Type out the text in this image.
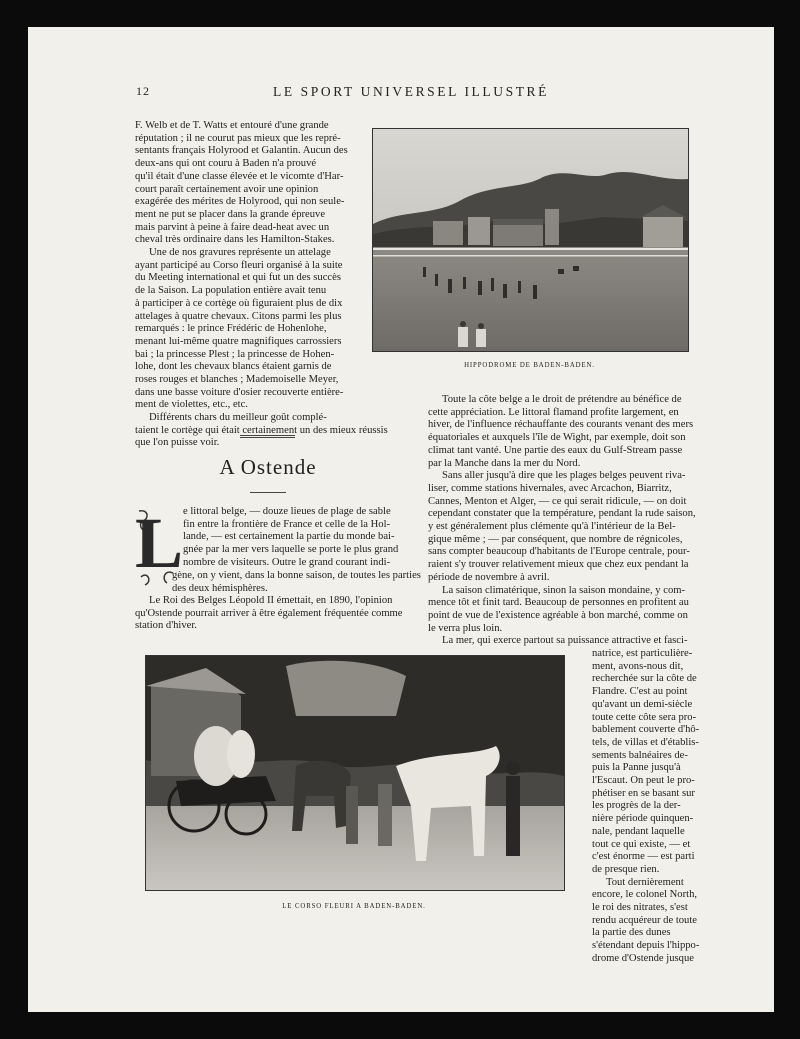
12	LE SPORT UNIVERSEL ILLUSTRÉ

F. Welb et de T. Watts et entouré d'une grande

réputation ; il ne courut pas mieux que les repré-

sentants français Holyrood et Galantin. Aucun des

deux-ans qui ont couru à Baden n'a prouvé

qu'il était d'une classe élevée et le vicomte d'Har-

court paraît certainement avoir une opinion

exagérée des mérites de Holyrood, qui non seule-

ment ne put se placer dans la grande épreuve

mais parvint à peine à faire dead-heat avec un

cheval très ordinaire dans les Hamilton-Stakes.

Une de nos gravures représente un attelage

ayant participé au Corso fleuri organisé à la suite

du Meeting international et qui fut un des succès

de la Saison. La population entière avait tenu

à participer à ce cortège où figuraient plus de dix

attelages à quatre chevaux. Citons parmi les plus

remarqués : le prince Frédéric de Hohenlohe,

menant lui-même quatre magnifiques carrossiers

bai ; la princesse Plest ; la princesse de Hohen-

lohe, dont les chevaux blancs étaient garnis de

roses rouges et blanches ; Mademoiselle Meyer,

dans une basse voiture d'osier recouverte entière-

ment de violettes, etc., etc.

Différents chars du meilleur goût complé-

taient le cortège qui était certainement un des mieux réussis

que l'on puisse voir.

HIPPODROME DE BADEN-BADEN.
A Ostende
L e littoral belge, — douze lieues de plage de sable

fin entre la frontière de France et celle de la Hol-

lande, — est certainement la partie du monde bai-

gnée par la mer vers laquelle se porte le plus grand

nombre de visiteurs. Outre le grand courant indi-

gène, on y vient, dans la bonne saison, de toutes les parties

des deux hémisphères.

Le Roi des Belges Léopold II émettait, en 1890, l'opinion

qu'Ostende pourrait arriver à être également fréquentée comme

station d'hiver.

Toute la côte belge a le droit de prétendre au bénéfice de

cette appréciation. Le littoral flamand profite largement, en

hiver, de l'influence réchauffante des courants venant des mers

équatoriales et auxquels l'île de Wight, par exemple, doit son

climat tant vanté. Une partie des eaux du Gulf-Stream passe

par la Manche dans la mer du Nord.

Sans aller jusqu'à dire que les plages belges peuvent riva-

liser, comme stations hivernales, avec Arcachon, Biarritz,

Cannes, Menton et Alger, — ce qui serait ridicule, — on doit

cependant constater que la température, pendant la rude saison,

y est généralement plus clémente qu'à l'intérieur de la Bel-

gique même ; — par conséquent, que nombre de régnicoles,

sans compter beaucoup d'habitants de l'Europe centrale, pour-

raient s'y trouver relativement mieux que chez eux pendant la

période de novembre à avril.

La saison climatérique, sinon la saison mondaine, y com-

mence tôt et finit tard. Beaucoup de personnes en profitent au

point de vue de l'existence agréable à bon marché, comme on

le verra plus loin.

La mer, qui exerce partout sa puissance attractive et fasci-

natrice, est particulière-

ment, avons-nous dit,

recherchée sur la côte de

Flandre. C'est au point

qu'avant un demi-siècle

toute cette côte sera pro-

bablement couverte d'hô-

tels, de villas et d'établis-

sements balnéaires de-

puis la Panne jusqu'à

l'Escaut. On peut le pro-

phétiser en se basant sur

les progrès de la der-

nière période quinquen-

nale, pendant laquelle

tout ce qui existe, — et

c'est énorme — est parti

de presque rien.

Tout dernièrement

encore, le colonel North,

le roi des nitrates, s'est

rendu acquéreur de toute

la partie des dunes

s'étendant depuis l'hippo-

drome d'Ostende jusque

LE CORSO FLEURI A BADEN-BADEN.
